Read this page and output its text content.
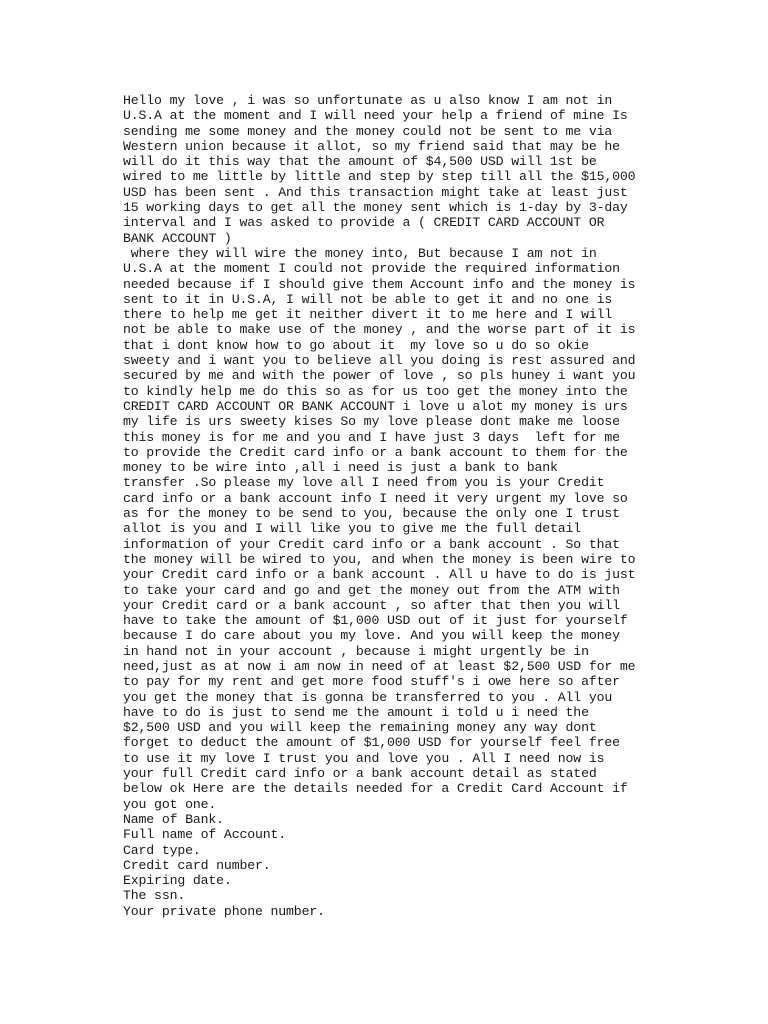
Hello my love , i was so unfortunate as u also know I am not in
U.S.A at the moment and I will need your help a friend of mine Is
sending me some money and the money could not be sent to me via
Western union because it allot, so my friend said that may be he
will do it this way that the amount of $4,500 USD will 1st be
wired to me little by little and step by step till all the $15,000
USD has been sent . And this transaction might take at least just
15 working days to get all the money sent which is 1-day by 3-day
interval and I was asked to provide a ( CREDIT CARD ACCOUNT OR
BANK ACCOUNT )
where they will wire the money into, But because I am not in
U.S.A at the moment I could not provide the required information
needed because if I should give them Account info and the money is
sent to it in U.S.A, I will not be able to get it and no one is
there to help me get it neither divert it to me here and I will
not be able to make use of the money , and the worse part of it is
that i dont know how to go about it  my love so u do so okie
sweety and i want you to believe all you doing is rest assured and
secured by me and with the power of love , so pls huney i want you
to kindly help me do this so as for us too get the money into the
CREDIT CARD ACCOUNT OR BANK ACCOUNT i love u alot my money is urs
my life is urs sweety kises So my love please dont make me loose
this money is for me and you and I have just 3 days  left for me
to provide the Credit card info or a bank account to them for the
money to be wire into ,all i need is just a bank to bank
transfer .So please my love all I need from you is your Credit
card info or a bank account info I need it very urgent my love so
as for the money to be send to you, because the only one I trust
allot is you and I will like you to give me the full detail
information of your Credit card info or a bank account . So that
the money will be wired to you, and when the money is been wire to
your Credit card info or a bank account . All u have to do is just
to take your card and go and get the money out from the ATM with
your Credit card or a bank account , so after that then you will
have to take the amount of $1,000 USD out of it just for yourself
because I do care about you my love. And you will keep the money
in hand not in your account , because i might urgently be in
need,just as at now i am now in need of at least $2,500 USD for me
to pay for my rent and get more food stuff's i owe here so after
you get the money that is gonna be transferred to you . All you
have to do is just to send me the amount i told u i need the
$2,500 USD and you will keep the remaining money any way dont
forget to deduct the amount of $1,000 USD for yourself feel free
to use it my love I trust you and love you . All I need now is
your full Credit card info or a bank account detail as stated
below ok Here are the details needed for a Credit Card Account if
you got one.
Name of Bank.
Full name of Account.
Card type.
Credit card number.
Expiring date.
The ssn.
Your private phone number.
